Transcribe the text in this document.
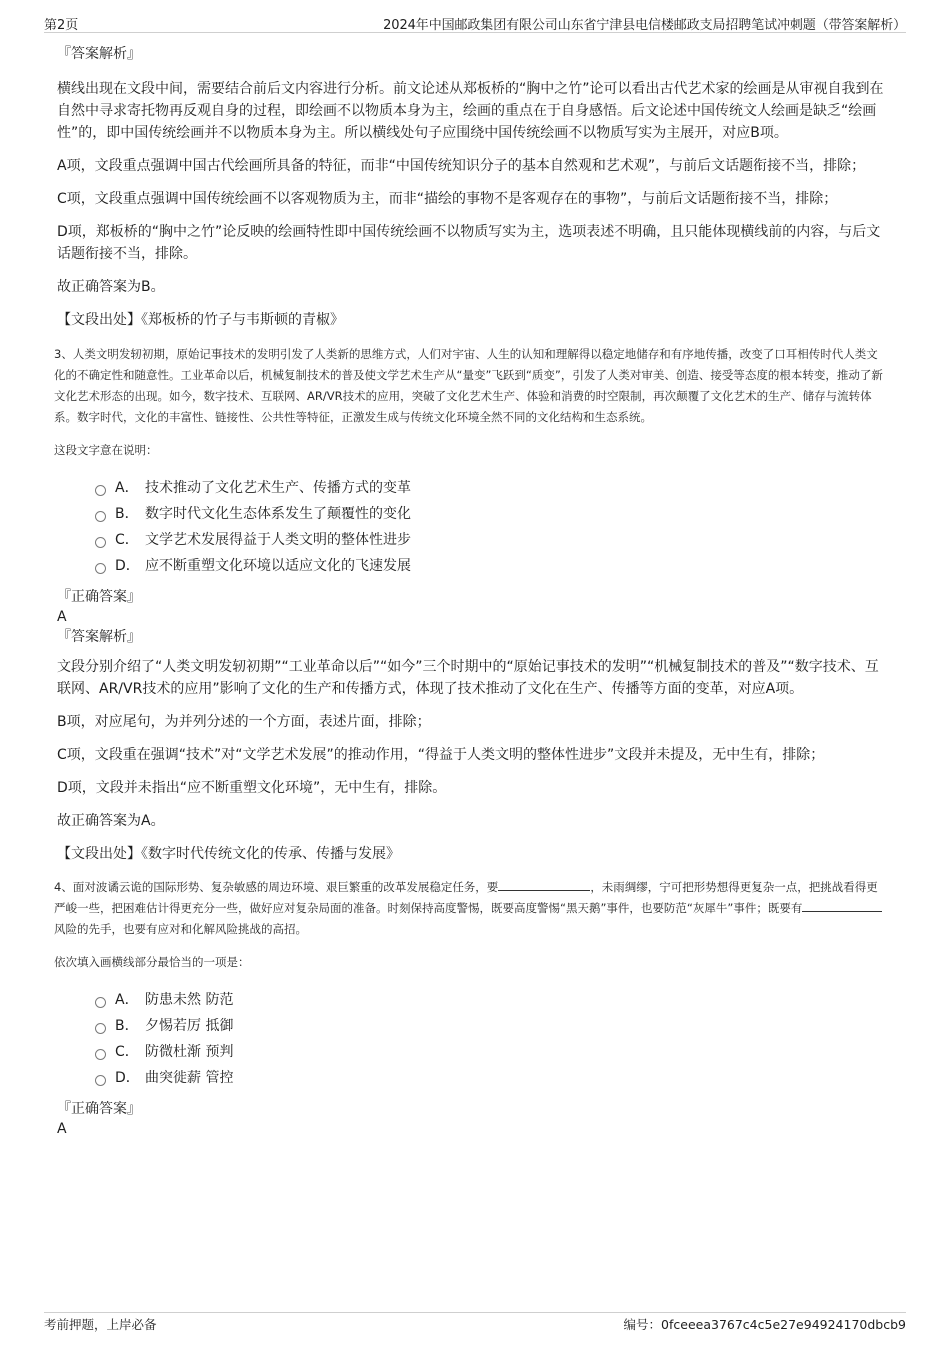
第2页	2024年中国邮政集团有限公司山东省宁津县电信楼邮政支局招聘笔试冲刺题（带答案解析）

『答案解析』

横线出现在文段中间，需要结合前后文内容进行分析。前文论述从郑板桥的“胸中之竹”论可以看出古代艺术家的绘画是从审视自我到在自然中寻求寄托物再反观自身的过程，即绘画不以物质本身为主，绘画的重点在于自身感悟。后文论述中国传统文人绘画是缺乏“绘画性”的，即中国传统绘画并不以物质本身为主。所以横线处句子应围绕中国传统绘画不以物质写实为主展开，对应B项。

A项，文段重点强调中国古代绘画所具备的特征，而非“中国传统知识分子的基本自然观和艺术观”，与前后文话题衔接不当，排除；

C项，文段重点强调中国传统绘画不以客观物质为主，而非“描绘的事物不是客观存在的事物”，与前后文话题衔接不当，排除；

D项，郑板桥的“胸中之竹”论反映的绘画特性即中国传统绘画不以物质写实为主，选项表述不明确，且只能体现横线前的内容，与后文话题衔接不当，排除。

故正确答案为B。

【文段出处】《郑板桥的竹子与韦斯顿的青椒》

3、人类文明发轫初期，原始记事技术的发明引发了人类新的思维方式，人们对宇宙、人生的认知和理解得以稳定地储存和有序地传播，改变了口耳相传时代人类文化的不确定性和随意性。工业革命以后，机械复制技术的普及使文学艺术生产从“量变”飞跃到“质变”，引发了人类对审美、创造、接受等态度的根本转变，推动了新文化艺术形态的出现。如今，数字技术、互联网、AR/VR技术的应用，突破了文化艺术生产、体验和消费的时空限制，再次颠覆了文化艺术的生产、储存与流转体系。数字时代，文化的丰富性、链接性、公共性等特征，正激发生成与传统文化环境全然不同的文化结构和生态系统。

这段文字意在说明：

A． 技术推动了文化艺术生产、传播方式的变革
B． 数字时代文化生态体系发生了颠覆性的变化
C． 文学艺术发展得益于人类文明的整体性进步
D． 应不断重塑文化环境以适应文化的飞速发展

『正确答案』

A

『答案解析』

文段分别介绍了“人类文明发轫初期”“工业革命以后”“如今”三个时期中的“原始记事技术的发明”“机械复制技术的普及”“数字技术、互联网、AR/VR技术的应用”影响了文化的生产和传播方式，体现了技术推动了文化在生产、传播等方面的变革，对应A项。

B项，对应尾句，为并列分述的一个方面，表述片面，排除；

C项，文段重在强调“技术”对“文学艺术发展”的推动作用，“得益于人类文明的整体性进步”文段并未提及，无中生有，排除；

D项，文段并未指出“应不断重塑文化环境”，无中生有，排除。

故正确答案为A。

【文段出处】《数字时代传统文化的传承、传播与发展》

4、面对波谲云诡的国际形势、复杂敏感的周边环境、艰巨繁重的改革发展稳定任务，要	，未雨绸缪，宁可把形势想得更复杂一点，把挑战看得更严峻一些，把困难估计得更充分一些，做好应对复杂局面的准备。时刻保持高度警惕，既要高度警惕“黑天鹅”事件，也要防范“灰犀牛”事件；既要有风险的先手，也要有应对和化解风险挑战的高招。

依次填入画横线部分最恰当的一项是：

A． 防患未然 防范
B． 夕惕若厉 抵御
C． 防微杜渐 预判
D． 曲突徙薪 管控

『正确答案』

A

考前押题，上岸必备	编号：0fceeea3767c4c5e27e94924170dbcb9
